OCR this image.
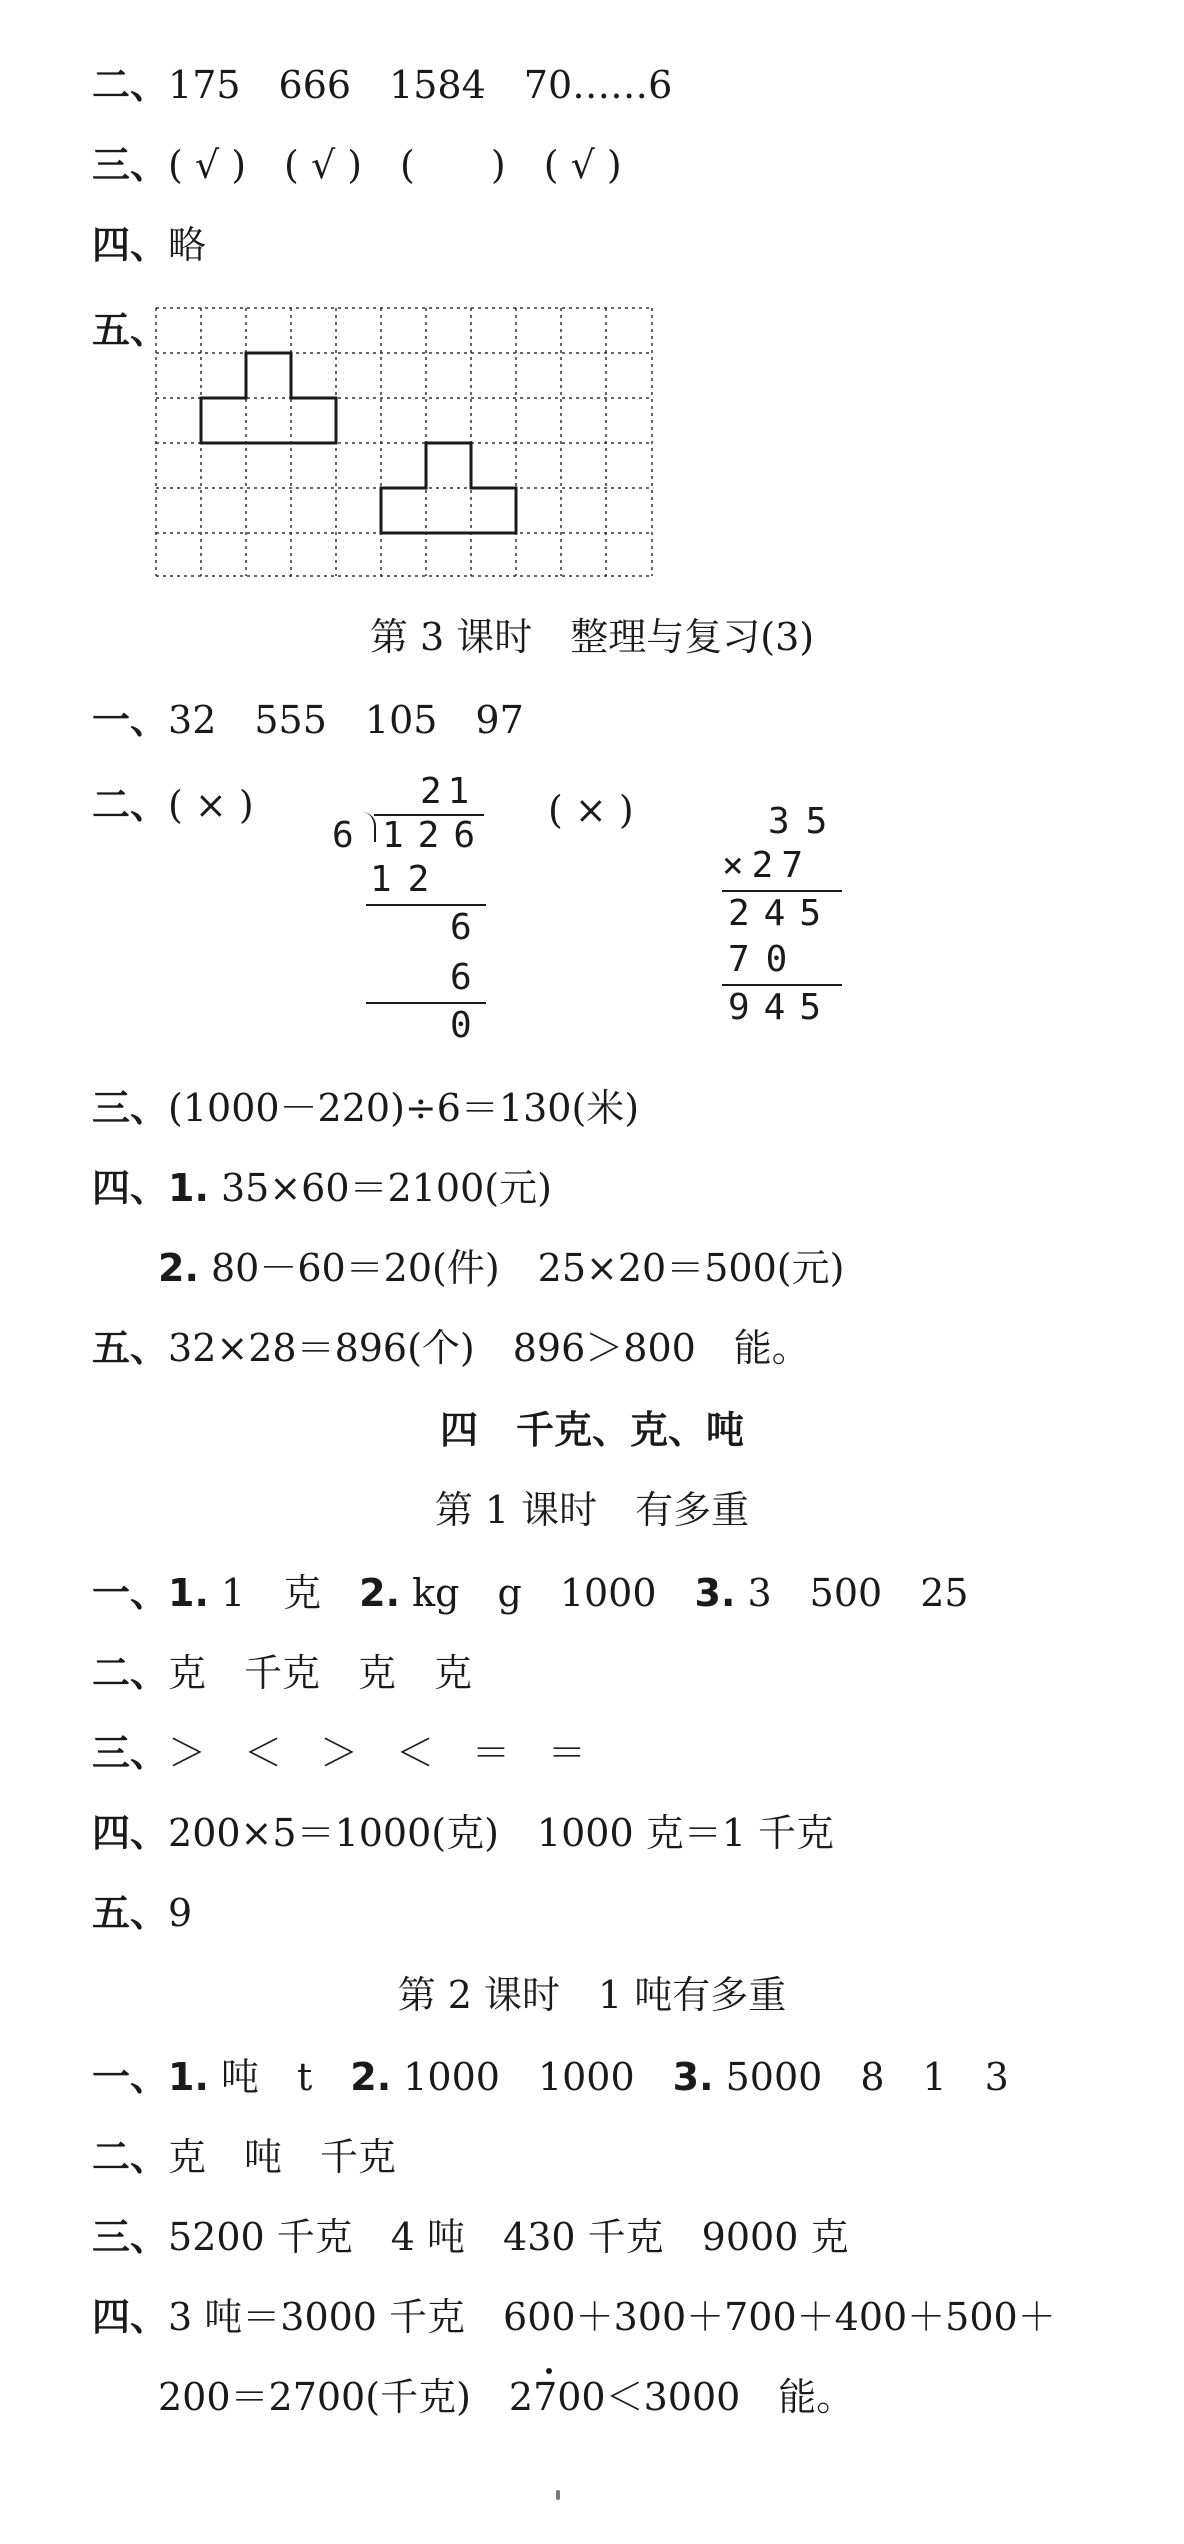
二、175　666　1584　70……6
三、( √ )　( √ )　(　　)　( √ )
四、略
五、
第 3 课时　整理与复习(3)
一、32　555　105　97
二、( × )	( × )
21
6 126
12
6
6
0
35
×27
245
70
945
三、(1000－220)÷6＝130(米)
四、1. 35×60＝2100(元)
2. 80－60＝20(件)　25×20＝500(元)
五、32×28＝896(个)　896＞800　能。
四　千克、克、吨
第 1 课时　有多重
一、1. 1　克　2. kg　g　1000　3. 3　500　25
二、克　千克　克　克
三、＞　＜　＞　＜　＝　＝
四、200×5＝1000(克)　1000 克＝1 千克
五、9
第 2 课时　1 吨有多重
一、1. 吨　t　2. 1000　1000　3. 5000　8　1　3
二、克　吨　千克
三、5200 千克　4 吨　430 千克　9000 克
四、3 吨＝3000 千克　600＋300＋700＋400＋500＋
200＝2700(千克)　2700＜3000　能。
